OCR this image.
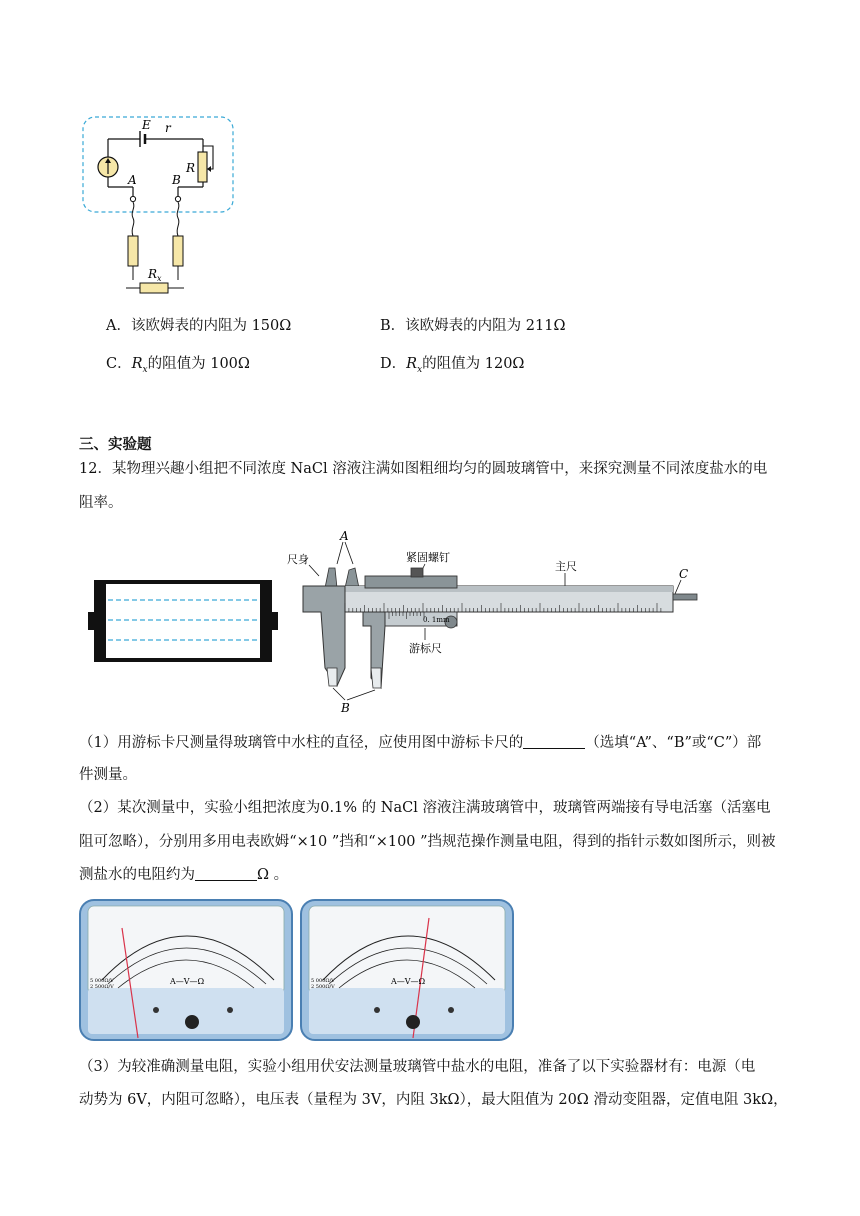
E r
A
R
B
$R_x$
A．该欧姆表的内阻为 150Ω	B．该欧姆表的内阻为 211Ω
C．$R_x$的阻值为 100Ω	D．$R_x$的阻值为 120Ω
三、实验题
12．某物理兴趣小组把不同浓度 NaCl 溶液注满如图粗细均匀的圆玻璃管中，来探究测量不同浓度盐水的电
阻率。
尺身
A
紧固螺钉
主尺
C
0. 1mm
B
游标尺
（1）用游标卡尺测量得玻璃管中水柱的直径，应使用图中游标卡尺的	（选填“A”、“B”或“C”）部
件测量。
（2）某次测量中，实验小组把浓度为0.1% 的 NaCl 溶液注满玻璃管中，玻璃管两端接有导电活塞（活塞电
阻可忽略），分别用多用电表欧姆“×10 ”挡和“×100 ”挡规范操作测量电阻，得到的指针示数如图所示，则被
测盐水的电阻约为	Ω 。
A—V—Ω
5 000Ω/V
2 500Ω/V
A—V—Ω
5 000Ω/V
2 500Ω/V
（3）为较准确测量电阻，实验小组用伏安法测量玻璃管中盐水的电阻，准备了以下实验器材有：电源（电
动势为 6V，内阻可忽略），电压表（量程为 3V，内阻 3kΩ），最大阻值为 20Ω 滑动变阻器，定值电阻 3kΩ，
